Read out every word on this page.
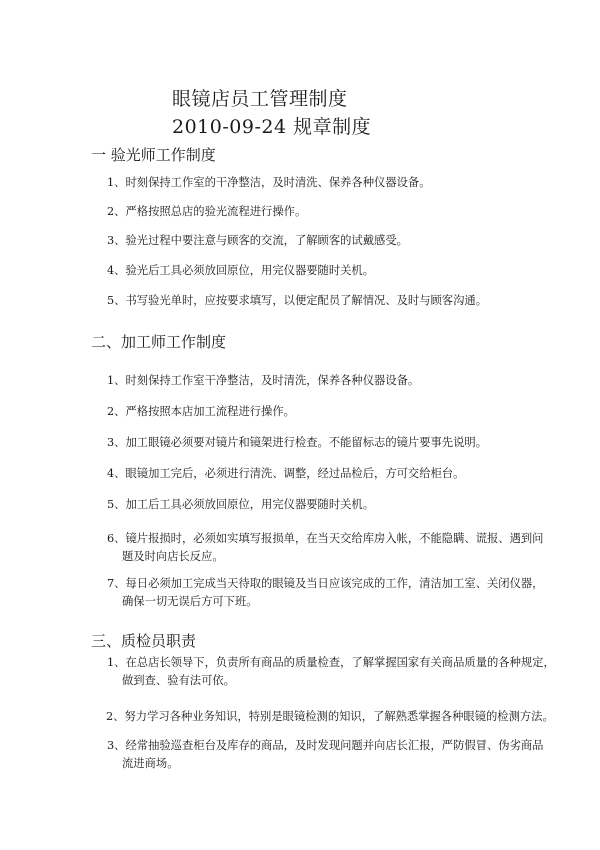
眼镜店员工管理制度
2010-09-24 规章制度
一 验光师工作制度
1、时刻保持工作室的干净整洁，及时清洗、保养各种仪器设备。
2、严格按照总店的验光流程进行操作。
3、验光过程中要注意与顾客的交流，了解顾客的试戴感受。
4、验光后工具必须放回原位，用完仪器要随时关机。
5、书写验光单时，应按要求填写，以便定配员了解情况、及时与顾客沟通。
二、加工师工作制度
1、时刻保持工作室干净整洁，及时清洗，保养各种仪器设备。
2、严格按照本店加工流程进行操作。
3、加工眼镜必须要对镜片和镜架进行检查。不能留标志的镜片要事先说明。
4、眼镜加工完后，必须进行清洗、调整，经过品检后，方可交给柜台。
5、加工后工具必须放回原位，用完仪器要随时关机。
6、镜片报损时，必须如实填写报损单，在当天交给库房入帐，不能隐瞒、谎报、遇到问
题及时向店长反应。
7、每日必须加工完成当天待取的眼镜及当日应该完成的工作，清洁加工室、关闭仪器，
确保一切无误后方可下班。
三、质检员职责
1、在总店长领导下，负责所有商品的质量检查，了解掌握国家有关商品质量的各种规定，
做到查、验有法可依。
2、努力学习各种业务知识，特别是眼镜检测的知识，了解熟悉掌握各种眼镜的检测方法。
3、经常抽验巡查柜台及库存的商品，及时发现问题并向店长汇报，严防假冒、伪劣商品
流进商场。
